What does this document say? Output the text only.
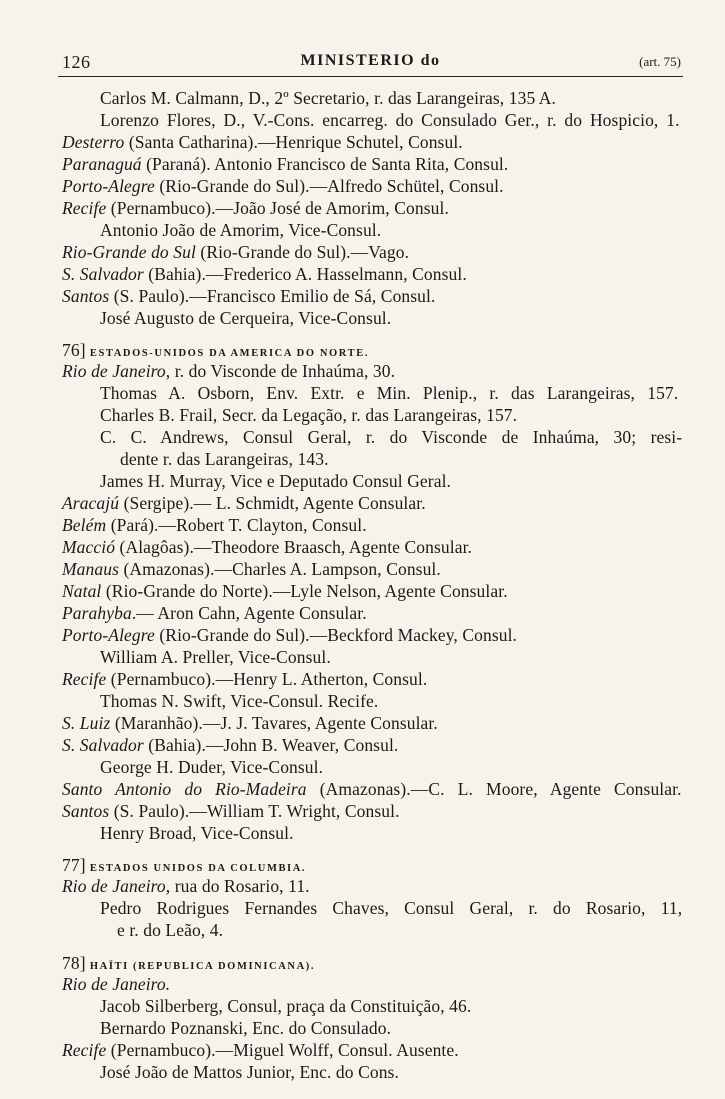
126	MINISTERIO do	(art. 75)
Carlos M. Calmann, D., 2º Secretario, r. das Larangeiras, 135 A.
Lorenzo Flores, D., V.-Cons. encarreg. do Consulado Ger., r. do Hospicio, 1.
Desterro (Santa Catharina).—Henrique Schutel, Consul.
Paranaguá (Paraná). Antonio Francisco de Santa Rita, Consul.
Porto-Alegre (Rio-Grande do Sul).—Alfredo Schütel, Consul.
Recife (Pernambuco).—João José de Amorim, Consul.
Antonio João de Amorim, Vice-Consul.
Rio-Grande do Sul (Rio-Grande do Sul).—Vago.
S. Salvador (Bahia).—Frederico A. Hasselmann, Consul.
Santos (S. Paulo).—Francisco Emilio de Sá, Consul.
José Augusto de Cerqueira, Vice-Consul.
76] ESTADOS-UNIDOS DA AMERICA DO NORTE.
Rio de Janeiro, r. do Visconde de Inhaúma, 30.
Thomas A. Osborn, Env. Extr. e Min. Plenip., r. das Larangeiras, 157.
Charles B. Frail, Secr. da Legação, r. das Larangeiras, 157.
C. C. Andrews, Consul Geral, r. do Visconde de Inhaúma, 30; resi-
dente r. das Larangeiras, 143.
James H. Murray, Vice e Deputado Consul Geral.
Aracajú (Sergipe).— L. Schmidt, Agente Consular.
Belém (Pará).—Robert T. Clayton, Consul.
Macció (Alagôas).—Theodore Braasch, Agente Consular.
Manaus (Amazonas).—Charles A. Lampson, Consul.
Natal (Rio-Grande do Norte).—Lyle Nelson, Agente Consular.
Parahyba.— Aron Cahn, Agente Consular.
Porto-Alegre (Rio-Grande do Sul).—Beckford Mackey, Consul.
William A. Preller, Vice-Consul.
Recife (Pernambuco).—Henry L. Atherton, Consul.
Thomas N. Swift, Vice-Consul. Recife.
S. Luiz (Maranhão).—J. J. Tavares, Agente Consular.
S. Salvador (Bahia).—John B. Weaver, Consul.
George H. Duder, Vice-Consul.
Santo Antonio do Rio-Madeira (Amazonas).—C. L. Moore, Agente Consular.
Santos (S. Paulo).—William T. Wright, Consul.
Henry Broad, Vice-Consul.
77] ESTADOS UNIDOS DA COLUMBIA.
Rio de Janeiro, rua do Rosario, 11.
Pedro Rodrigues Fernandes Chaves, Consul Geral, r. do Rosario, 11,
e r. do Leão, 4.
78] HAÏTI (REPUBLICA DOMINICANA).
Rio de Janeiro.
Jacob Silberberg, Consul, praça da Constituição, 46.
Bernardo Poznanski, Enc. do Consulado.
Recife (Pernambuco).—Miguel Wolff, Consul. Ausente.
José João de Mattos Junior, Enc. do Cons.
